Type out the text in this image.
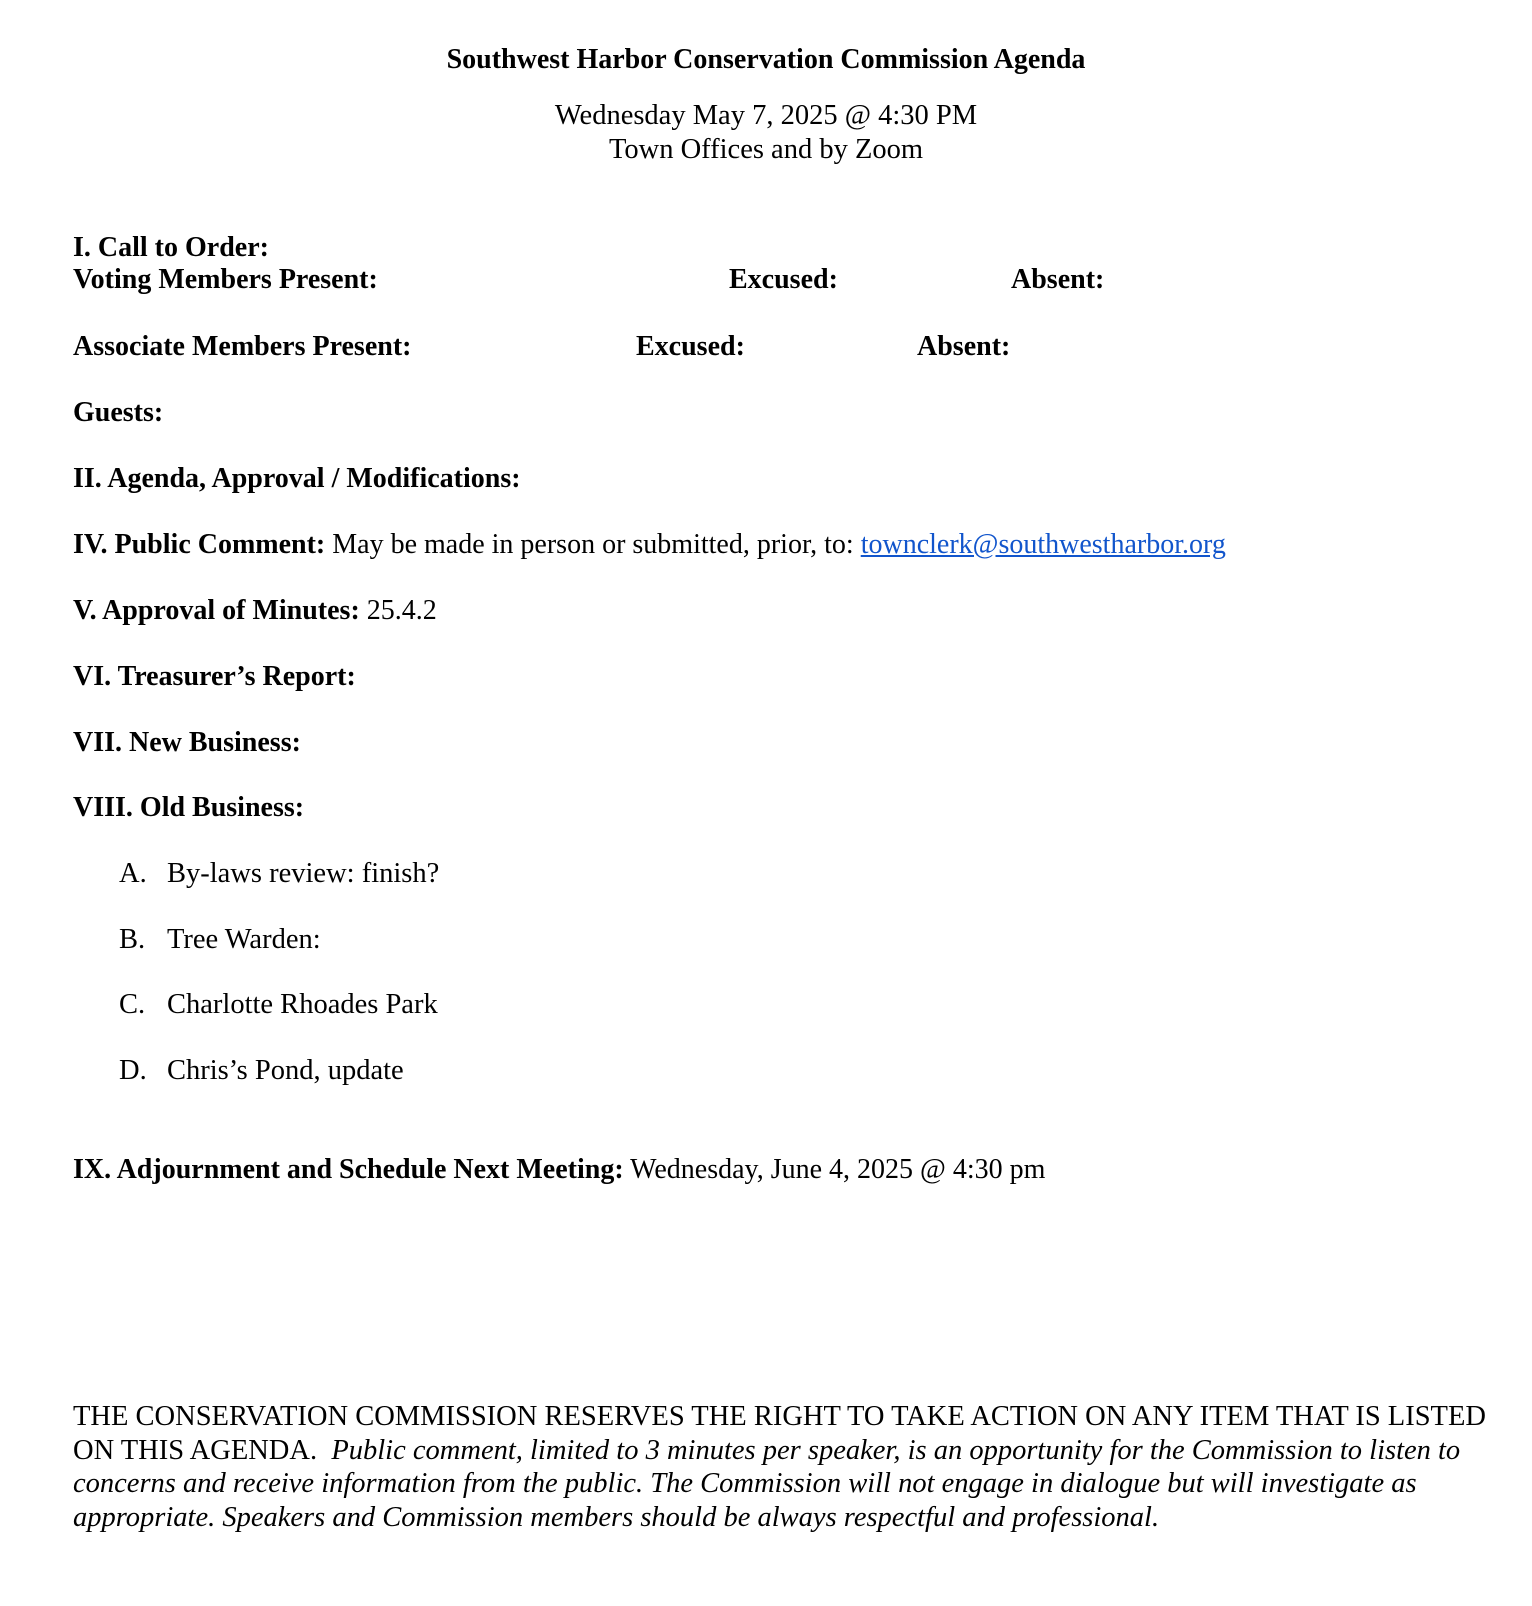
Southwest Harbor Conservation Commission Agenda
Wednesday May 7, 2025 @ 4:30 PM
Town Offices and by Zoom
I. Call to Order:
Voting Members Present:	Excused:	Absent:
Associate Members Present:	Excused:	Absent:
Guests:
II. Agenda, Approval / Modifications:
IV. Public Comment: May be made in person or submitted, prior, to: townclerk@southwestharbor.org
V. Approval of Minutes: 25.4.2
VI. Treasurer’s Report:
VII. New Business:
VIII. Old Business:
A. By-laws review: finish?
B. Tree Warden:
C. Charlotte Rhoades Park
D. Chris’s Pond, update
IX. Adjournment and Schedule Next Meeting: Wednesday, June 4, 2025 @ 4:30 pm
THE CONSERVATION COMMISSION RESERVES THE RIGHT TO TAKE ACTION ON ANY ITEM THAT IS LISTED ON THIS AGENDA. Public comment, limited to 3 minutes per speaker, is an opportunity for the Commission to listen to concerns and receive information from the public. The Commission will not engage in dialogue but will investigate as appropriate. Speakers and Commission members should be always respectful and professional.
